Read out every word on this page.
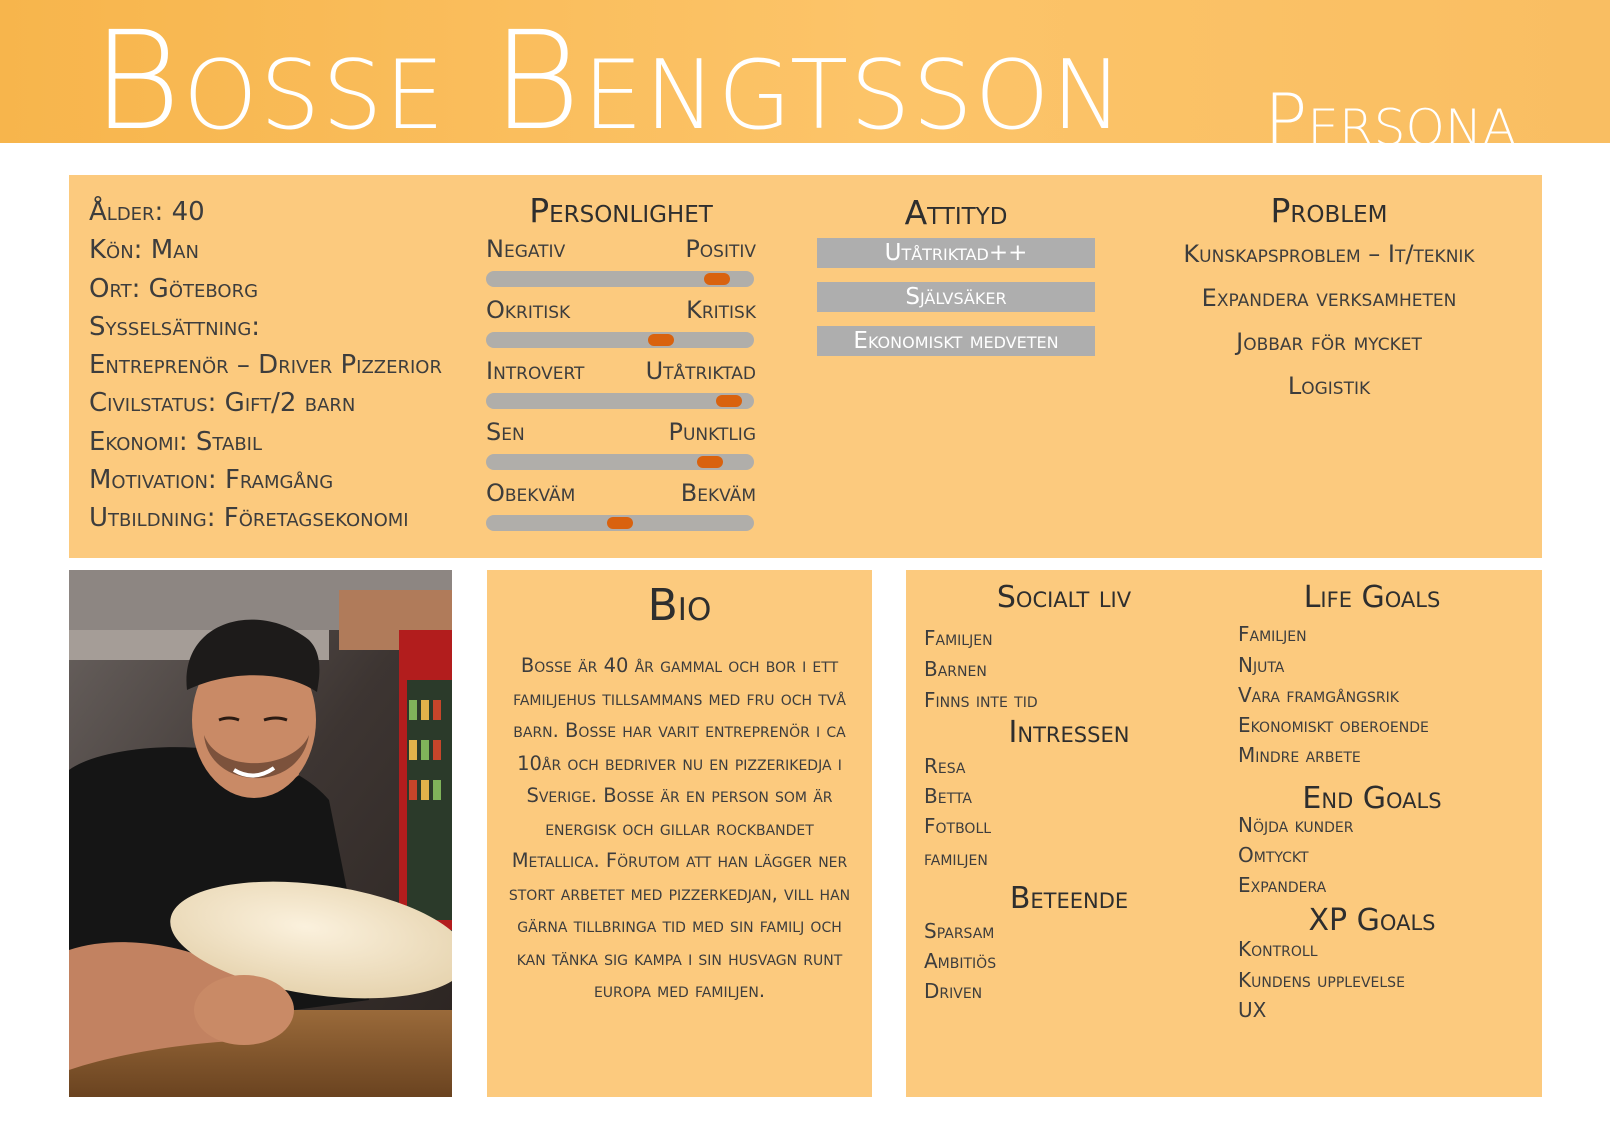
Bosse Bengtsson Persona
Ålder: 40
Kön: Man
Ort: Göteborg
Sysselsättning:
Entreprenör – Driver Pizzerior
Civilstatus: Gift/2 barn
Ekonomi: Stabil
Motivation: Framgång
Utbildning: Företagsekonomi
Personlighet
Negativ	Positiv
Okritisk	Kritisk
Introvert	Utåtriktad
Sen	Punktlig
Obekväm	Bekväm
Attityd
Utåtriktad++
Självsäker
Ekonomiskt medveten
Problem
Kunskapsproblem – It/teknik
Expandera verksamheten
Jobbar för mycket
Logistik
Bio
Bosse är 40 år gammal och bor i ett familjehus tillsammans med fru och två barn. Bosse har varit entreprenör i ca 10år och bedriver nu en pizzerikedja i Sverige. Bosse är en person som är energisk och gillar rockbandet Metallica. Förutom att han lägger ner stort arbetet med pizzerkedjan, vill han gärna tillbringa tid med sin familj och kan tänka sig kampa i sin husvagn runt europa med familjen.
Socialt liv
Familjen
Barnen
Finns inte tid
Intressen
Resa
Betta
Fotboll
familjen
Beteende
Sparsam
Ambitiös
Driven
Life Goals
Familjen
Njuta
Vara framgångsrik
Ekonomiskt oberoende
Mindre arbete
End Goals
Nöjda kunder
Omtyckt
Expandera
XP Goals
Kontroll
Kundens upplevelse
UX
